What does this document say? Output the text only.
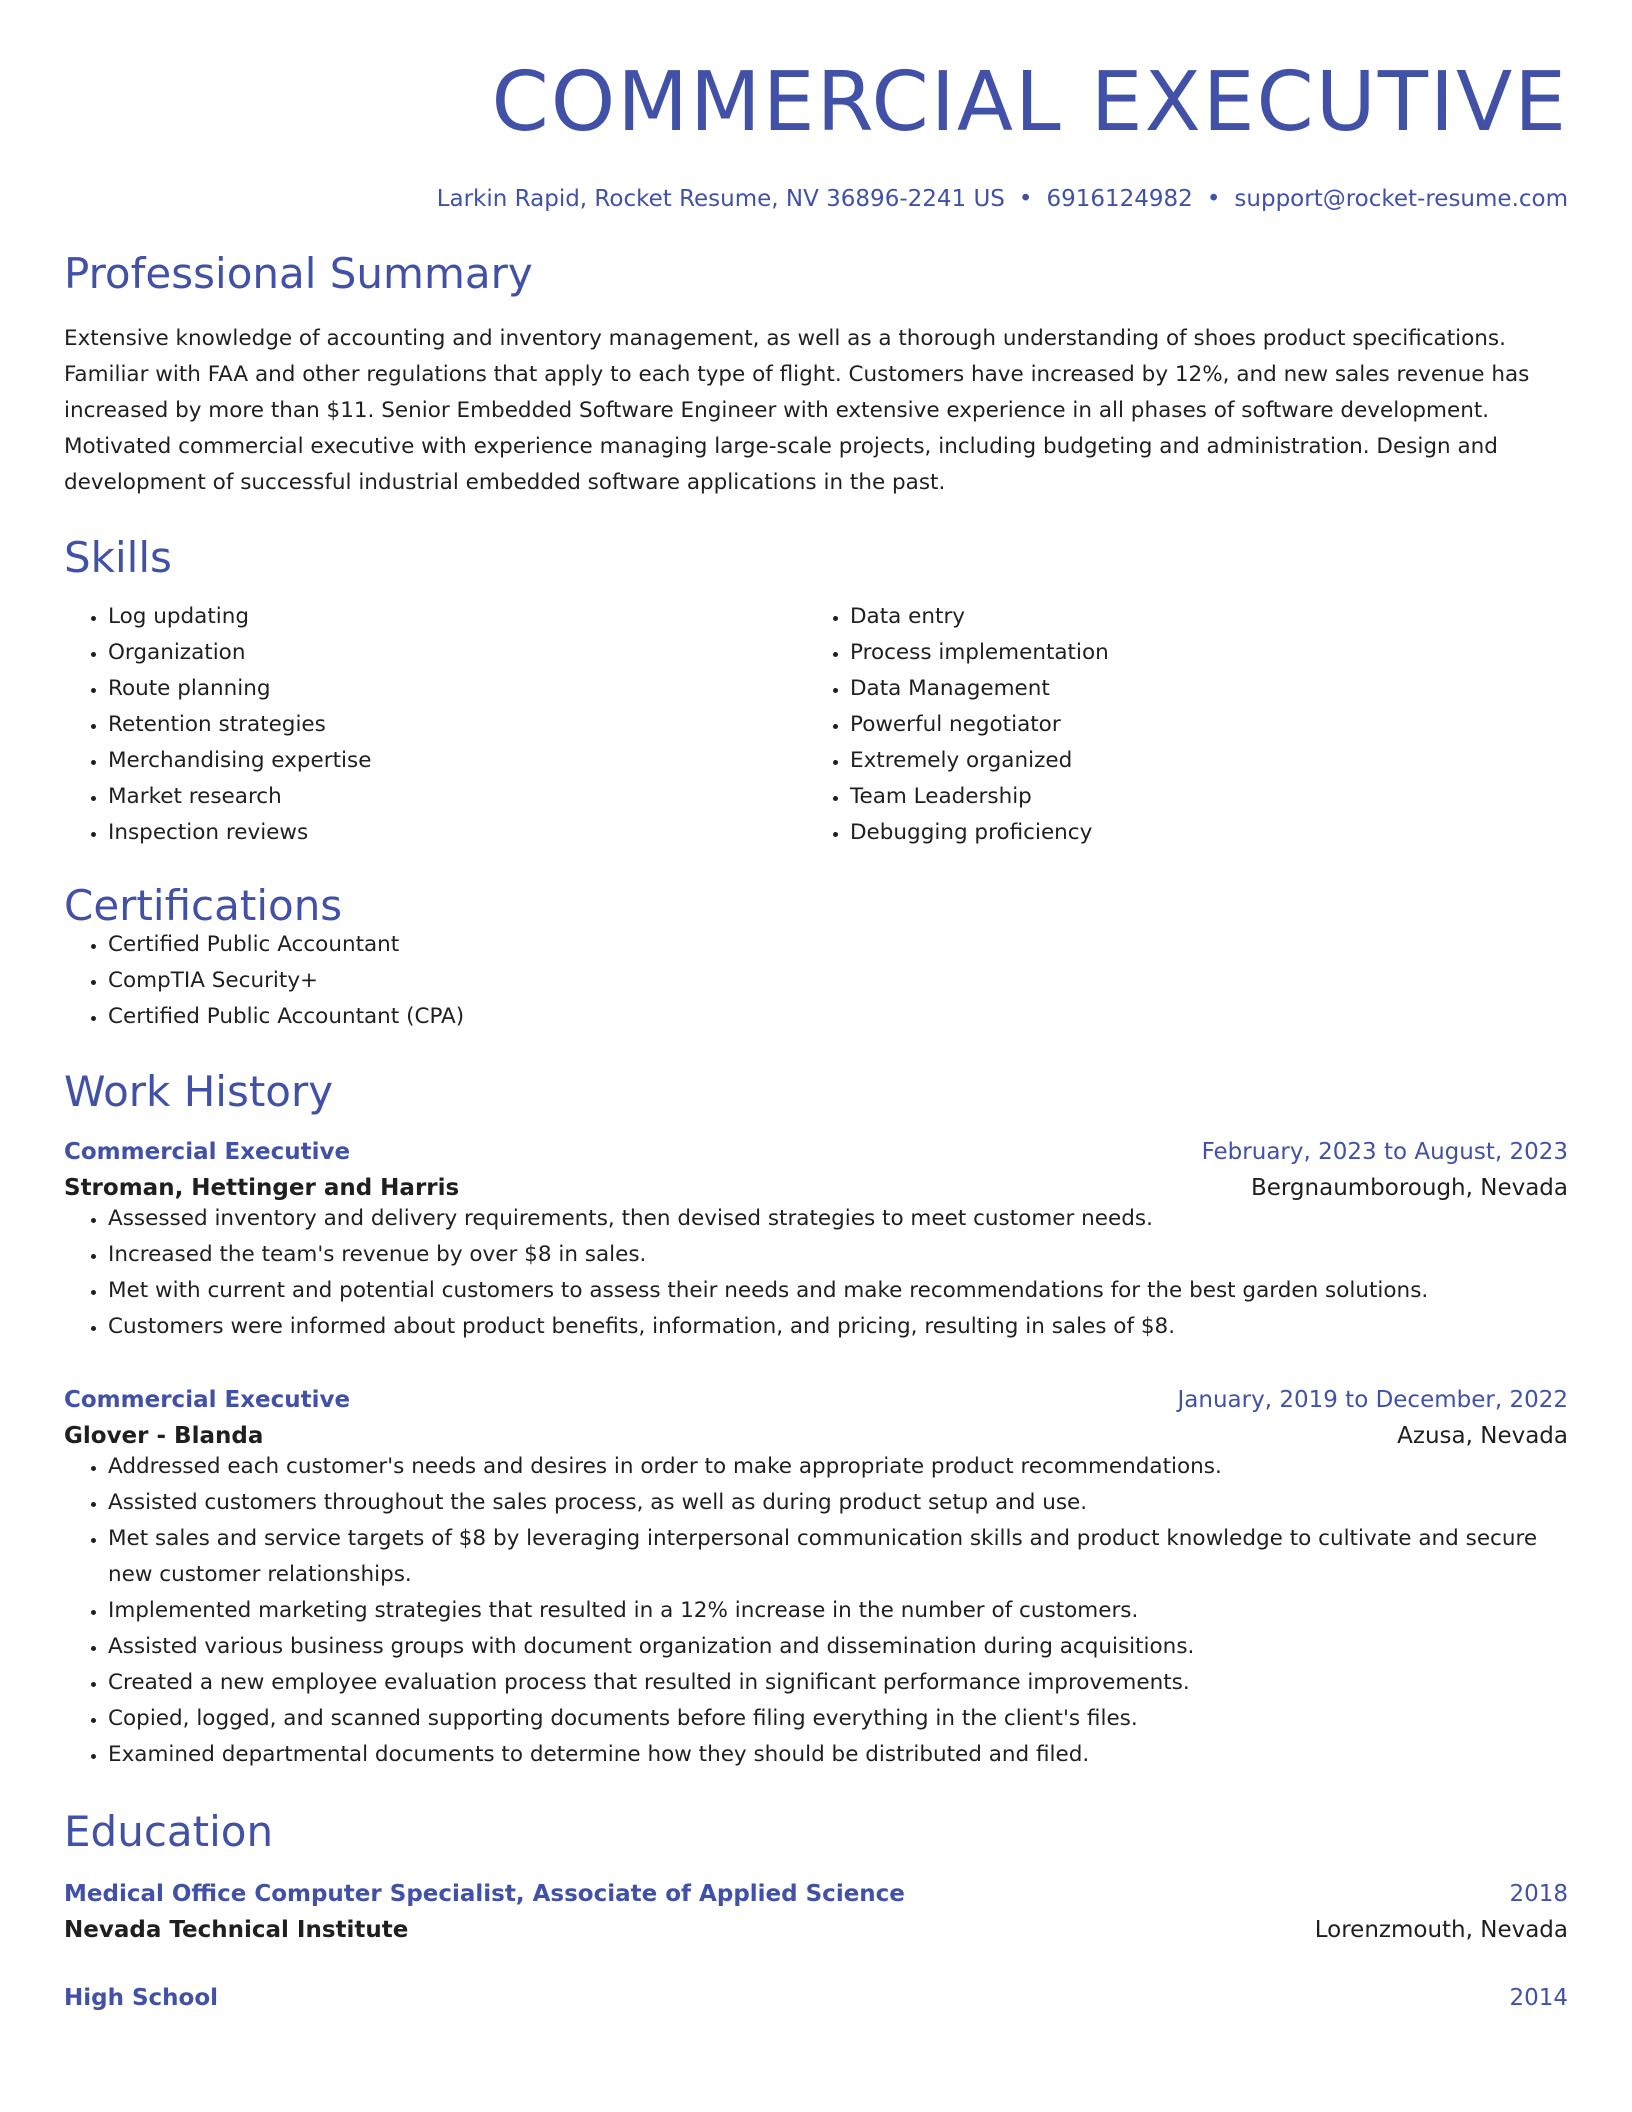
COMMERCIAL EXECUTIVE
Larkin Rapid, Rocket Resume, NV 36896-2241 US • 6916124982 • support@rocket-resume.com
Professional Summary
Extensive knowledge of accounting and inventory management, as well as a thorough understanding of shoes product specifications. Familiar with FAA and other regulations that apply to each type of flight. Customers have increased by 12%, and new sales revenue has increased by more than $11. Senior Embedded Software Engineer with extensive experience in all phases of software development. Motivated commercial executive with experience managing large-scale projects, including budgeting and administration. Design and development of successful industrial embedded software applications in the past.
Skills
• Log updating
• Organization
• Route planning
• Retention strategies
• Merchandising expertise
• Market research
• Inspection reviews
• Data entry
• Process implementation
• Data Management
• Powerful negotiator
• Extremely organized
• Team Leadership
• Debugging proficiency
Certifications
• Certified Public Accountant
• CompTIA Security+
• Certified Public Accountant (CPA)
Work History
Commercial Executive	February, 2023 to August, 2023
Stroman, Hettinger and Harris	Bergnaumborough, Nevada
• Assessed inventory and delivery requirements, then devised strategies to meet customer needs.
• Increased the team's revenue by over $8 in sales.
• Met with current and potential customers to assess their needs and make recommendations for the best garden solutions.
• Customers were informed about product benefits, information, and pricing, resulting in sales of $8.
Commercial Executive	January, 2019 to December, 2022
Glover - Blanda	Azusa, Nevada
• Addressed each customer's needs and desires in order to make appropriate product recommendations.
• Assisted customers throughout the sales process, as well as during product setup and use.
• Met sales and service targets of $8 by leveraging interpersonal communication skills and product knowledge to cultivate and secure new customer relationships.
• Implemented marketing strategies that resulted in a 12% increase in the number of customers.
• Assisted various business groups with document organization and dissemination during acquisitions.
• Created a new employee evaluation process that resulted in significant performance improvements.
• Copied, logged, and scanned supporting documents before filing everything in the client's files.
• Examined departmental documents to determine how they should be distributed and filed.
Education
Medical Office Computer Specialist, Associate of Applied Science	2018
Nevada Technical Institute	Lorenzmouth, Nevada
High School	2014
